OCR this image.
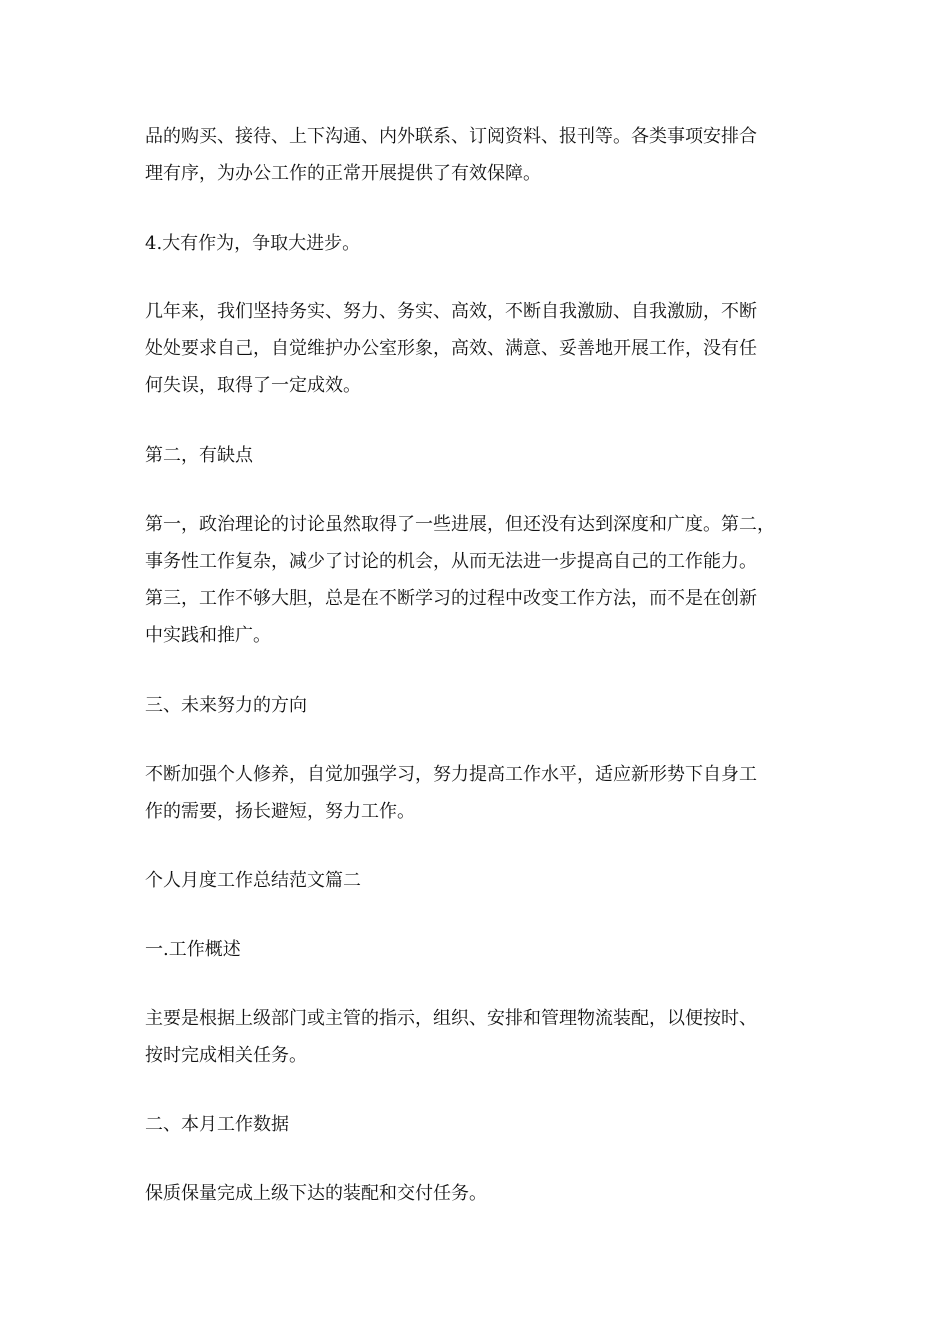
品的购买、接待、上下沟通、内外联系、订阅资料、报刊等。各类事项安排合
理有序，为办公工作的正常开展提供了有效保障。

4.大有作为，争取大进步。

几年来，我们坚持务实、努力、务实、高效，不断自我激励、自我激励，不断
处处要求自己，自觉维护办公室形象，高效、满意、妥善地开展工作，没有任
何失误，取得了一定成效。

第二，有缺点

第一，政治理论的讨论虽然取得了一些进展，但还没有达到深度和广度。第二，
事务性工作复杂，减少了讨论的机会，从而无法进一步提高自己的工作能力。
第三，工作不够大胆，总是在不断学习的过程中改变工作方法，而不是在创新
中实践和推广。

三、未来努力的方向

不断加强个人修养，自觉加强学习，努力提高工作水平，适应新形势下自身工
作的需要，扬长避短，努力工作。

个人月度工作总结范文篇二

一.工作概述

主要是根据上级部门或主管的指示，组织、安排和管理物流装配，以便按时、
按时完成相关任务。

二、本月工作数据

保质保量完成上级下达的装配和交付任务。
